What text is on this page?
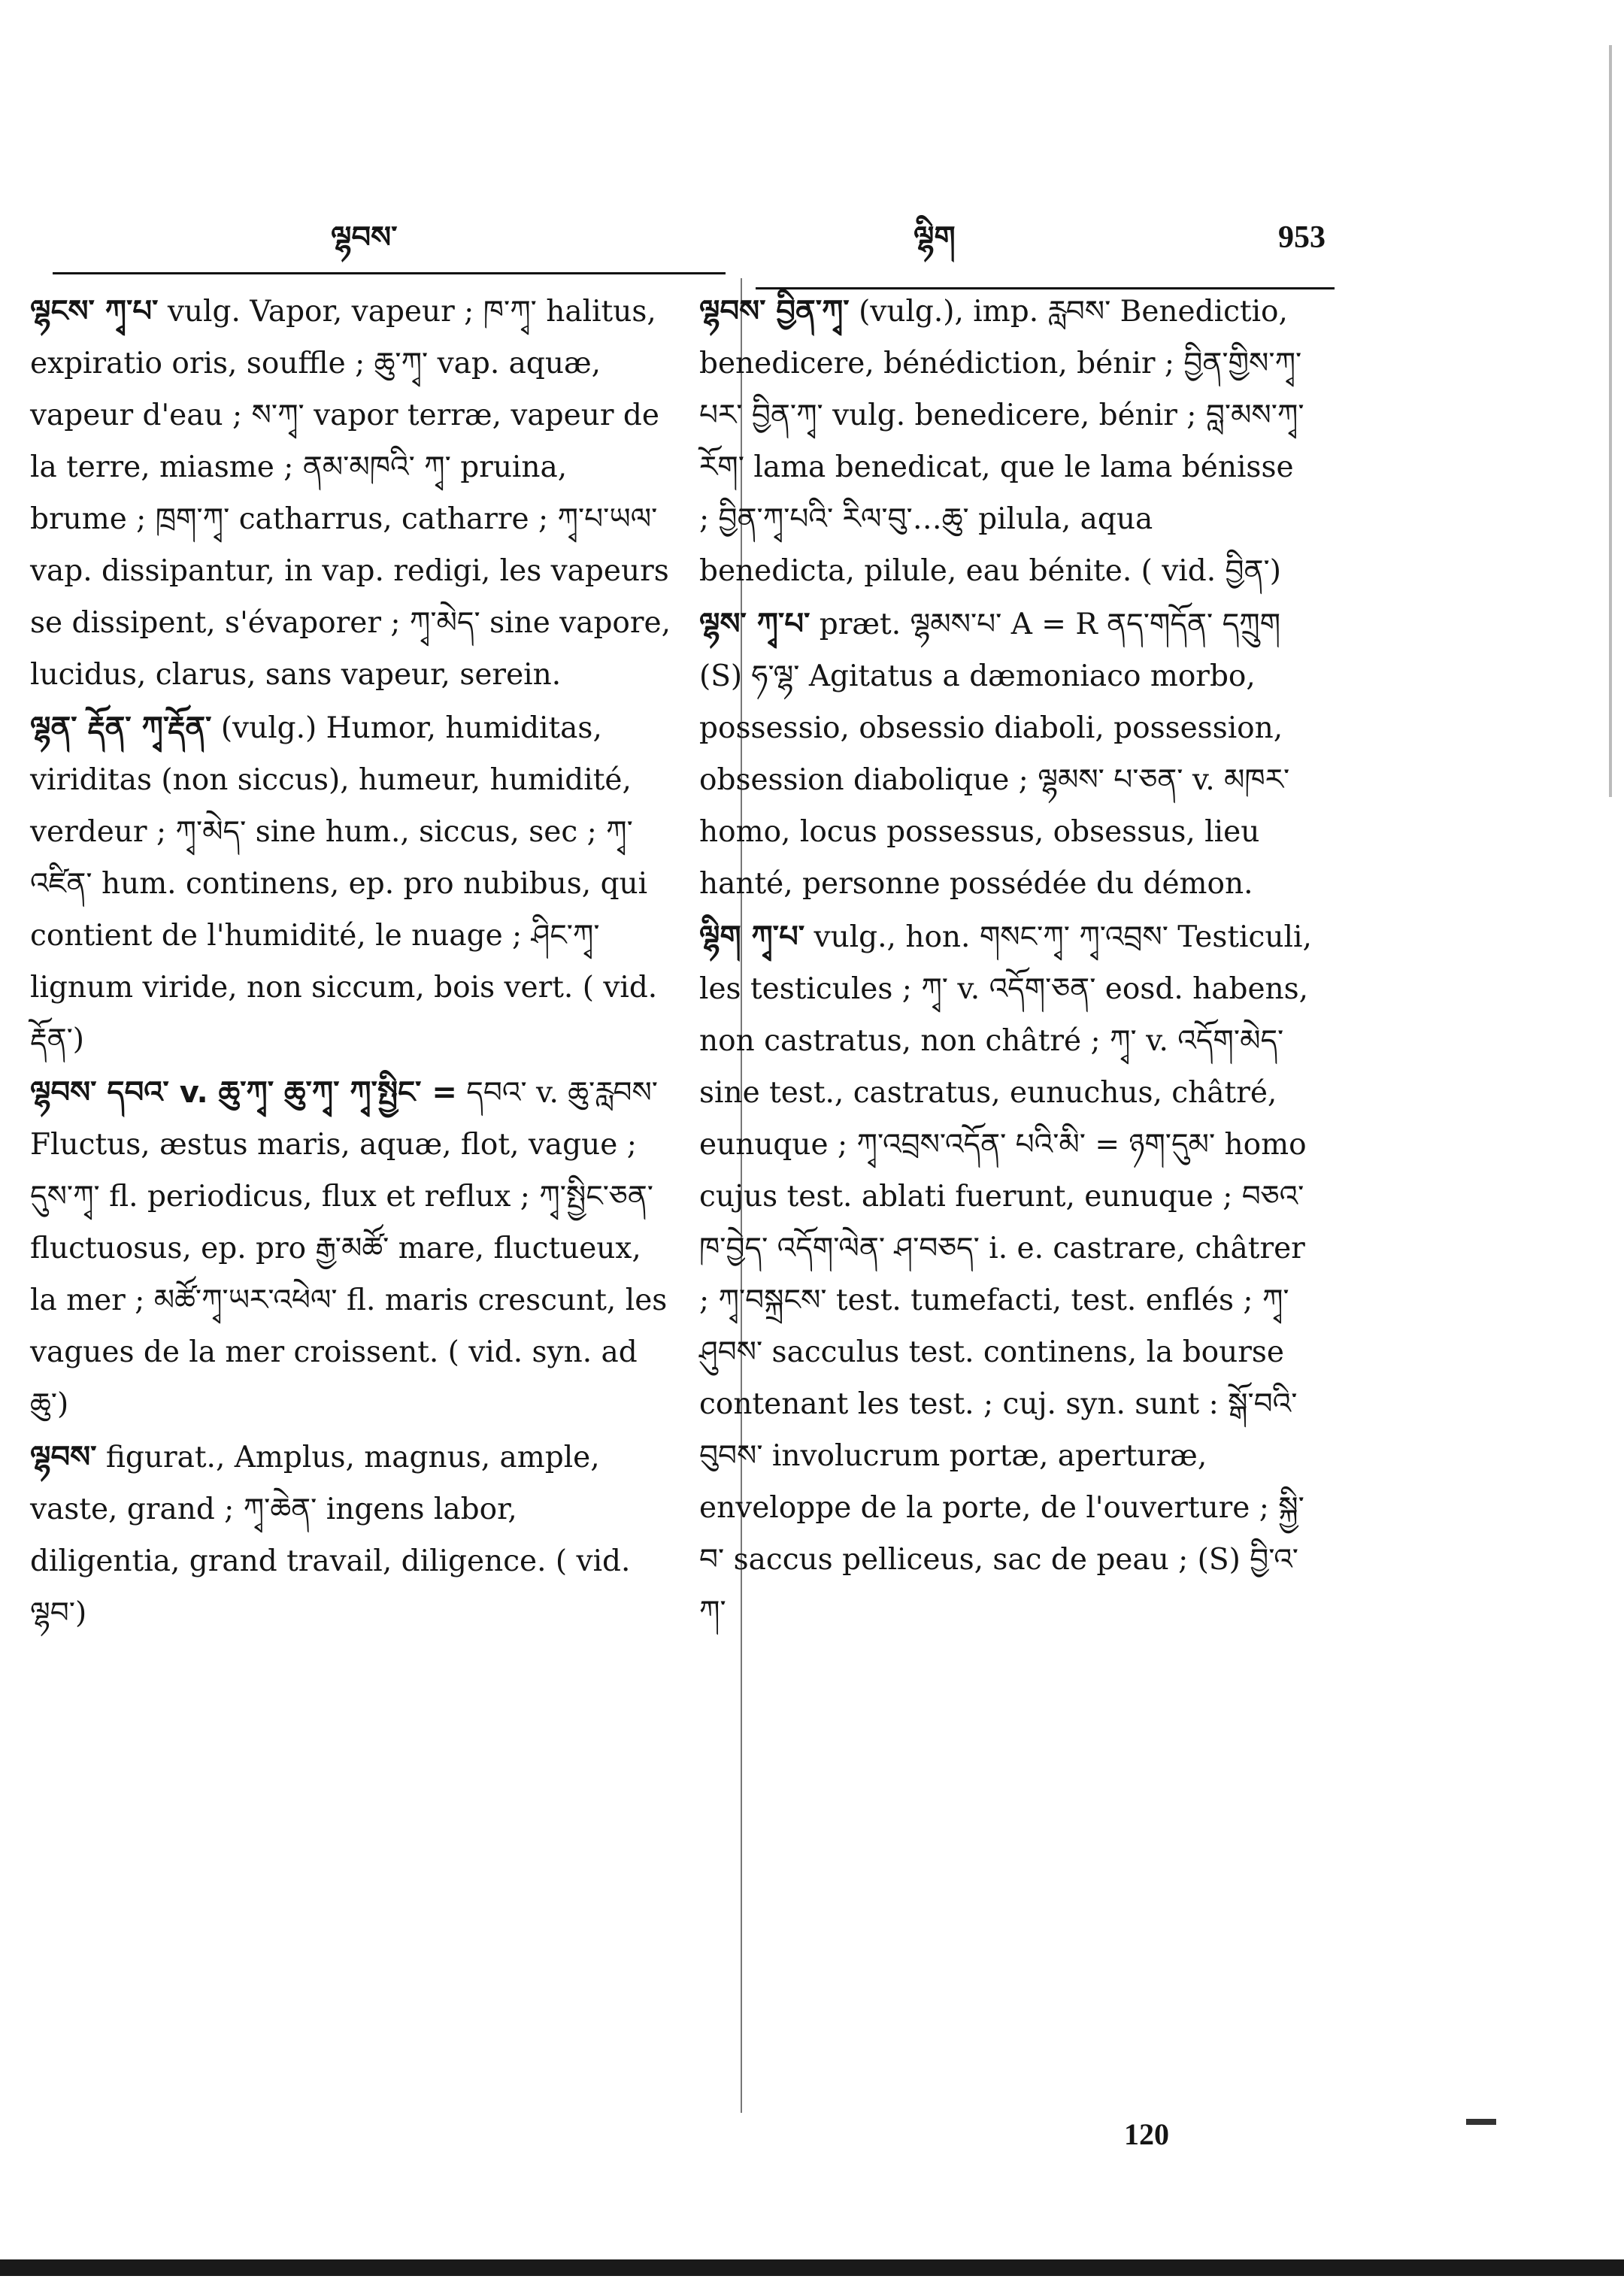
ལྷབས་	ལྷིག	953
ལྷངས་ ཀྭ་པ་ vulg. Vapor, vapeur ; ཁ་ཀྭ་ halitus, expiratio oris, souffle ; ཆུ་ཀྭ་ vap. aquæ, vapeur d'eau ; ས་ཀྭ་ vapor terræ, vapeur de la terre, miasme ; ནམ་མཁའི་ ཀྭ་ pruina, brume ; ཁྲག་ཀྭ་ catharrus, catharre ; ཀྭ་པ་ཡལ་ vap. dissipantur, in vap. redigi, les vapeurs se dissipent, s'évaporer ; ཀྭ་མེད་ sine vapore, lucidus, clarus, sans vapeur, serein.
ལྷན་ རྡོན་ ཀྭ་རྡོན་ (vulg.) Humor, humiditas, viriditas (non siccus), humeur, humidité, verdeur ; ཀྭ་མེད་ sine hum., siccus, sec ; ཀྭ་འཛིན་ hum. continens, ep. pro nubibus, qui contient de l'humidité, le nuage ; ཤིང་ཀྭ་ lignum viride, non siccum, bois vert. ( vid. རྡོན་)
ལྷབས་ དབའ་ v. ཆུ་ཀྭ་ ཆུ་ཀྭ་ ཀྭ་སྤྱིང་ = དབའ་ v. ཆུ་རླབས་ Fluctus, æstus maris, aquæ, flot, vague ; དུས་ཀྭ་ fl. periodicus, flux et reflux ; ཀྭ་སྤྱིང་ཅན་ fluctuosus, ep. pro རྒྱ་མཚོ་ mare, fluctueux, la mer ; མཚོ་ཀྭ་ཡར་འཕེལ་ fl. maris crescunt, les vagues de la mer croissent. ( vid. syn. ad ཆུ་)
ལྷབས་ figurat., Amplus, magnus, ample, vaste, grand ; ཀྭ་ཆེན་ ingens labor, diligentia, grand travail, diligence. ( vid. ལྷབ་)
ལྷབས་ བྱིན་ཀྭ་ (vulg.), imp. རླབས་ Benedictio, benedicere, bénédiction, bénir ; བྱིན་གྱིས་ཀྭ་པར་ བྱིན་ཀྭ་ vulg. benedicere, bénir ; བླ་མས་ཀྭ་རོག་ lama benedicat, que le lama bénisse ; བྱིན་ཀྭ་པའི་ རིལ་བུ་…ཆུ་ pilula, aqua benedicta, pilule, eau bénite. ( vid. བྱིན་)
ལྷས་ ཀྭ་པ་ præt. ལྷམས་པ་ A = R ནད་གདོན་ དཀྲུག (S) ཧ་ལྷ་ Agitatus a dæmoniaco morbo, possessio, obsessio diaboli, possession, obsession diabolique ; ལྷམས་ པ་ཅན་ v. མཁར་ homo, locus possessus, obsessus, lieu hanté, personne possédée du démon.
ལྷིག ཀྭ་པ་ vulg., hon. གསང་ཀྭ་ ཀྭ་འབྲས་ Testiculi, les testicules ; ཀྭ་ v. འདོག་ཅན་ eosd. habens, non castratus, non châtré ; ཀྭ་ v. འདོག་མེད་ sine test., castratus, eunuchus, châtré, eunuque ; ཀྭ་འབྲས་འདོན་ པའི་མི་ = ཉག་དུམ་ homo cujus test. ablati fuerunt, eunuque ; བཅའ་ཁ་བྱེད་ འདོག་ལེན་ ཤ་བཅད་ i. e. castrare, châtrer ; ཀྭ་བསྐྲངས་ test. tumefacti, test. enflés ; ཀྭ་ཤུབས་ sacculus test. continens, la bourse contenant les test. ; cuj. syn. sunt : སྒོ་བའི་བུབས་ involucrum portæ, aperturæ, enveloppe de la porte, de l'ouverture ; སྐྱི་བ་ saccus pelliceus, sac de peau ; (S) བྱི་འ་ཀ་
120
